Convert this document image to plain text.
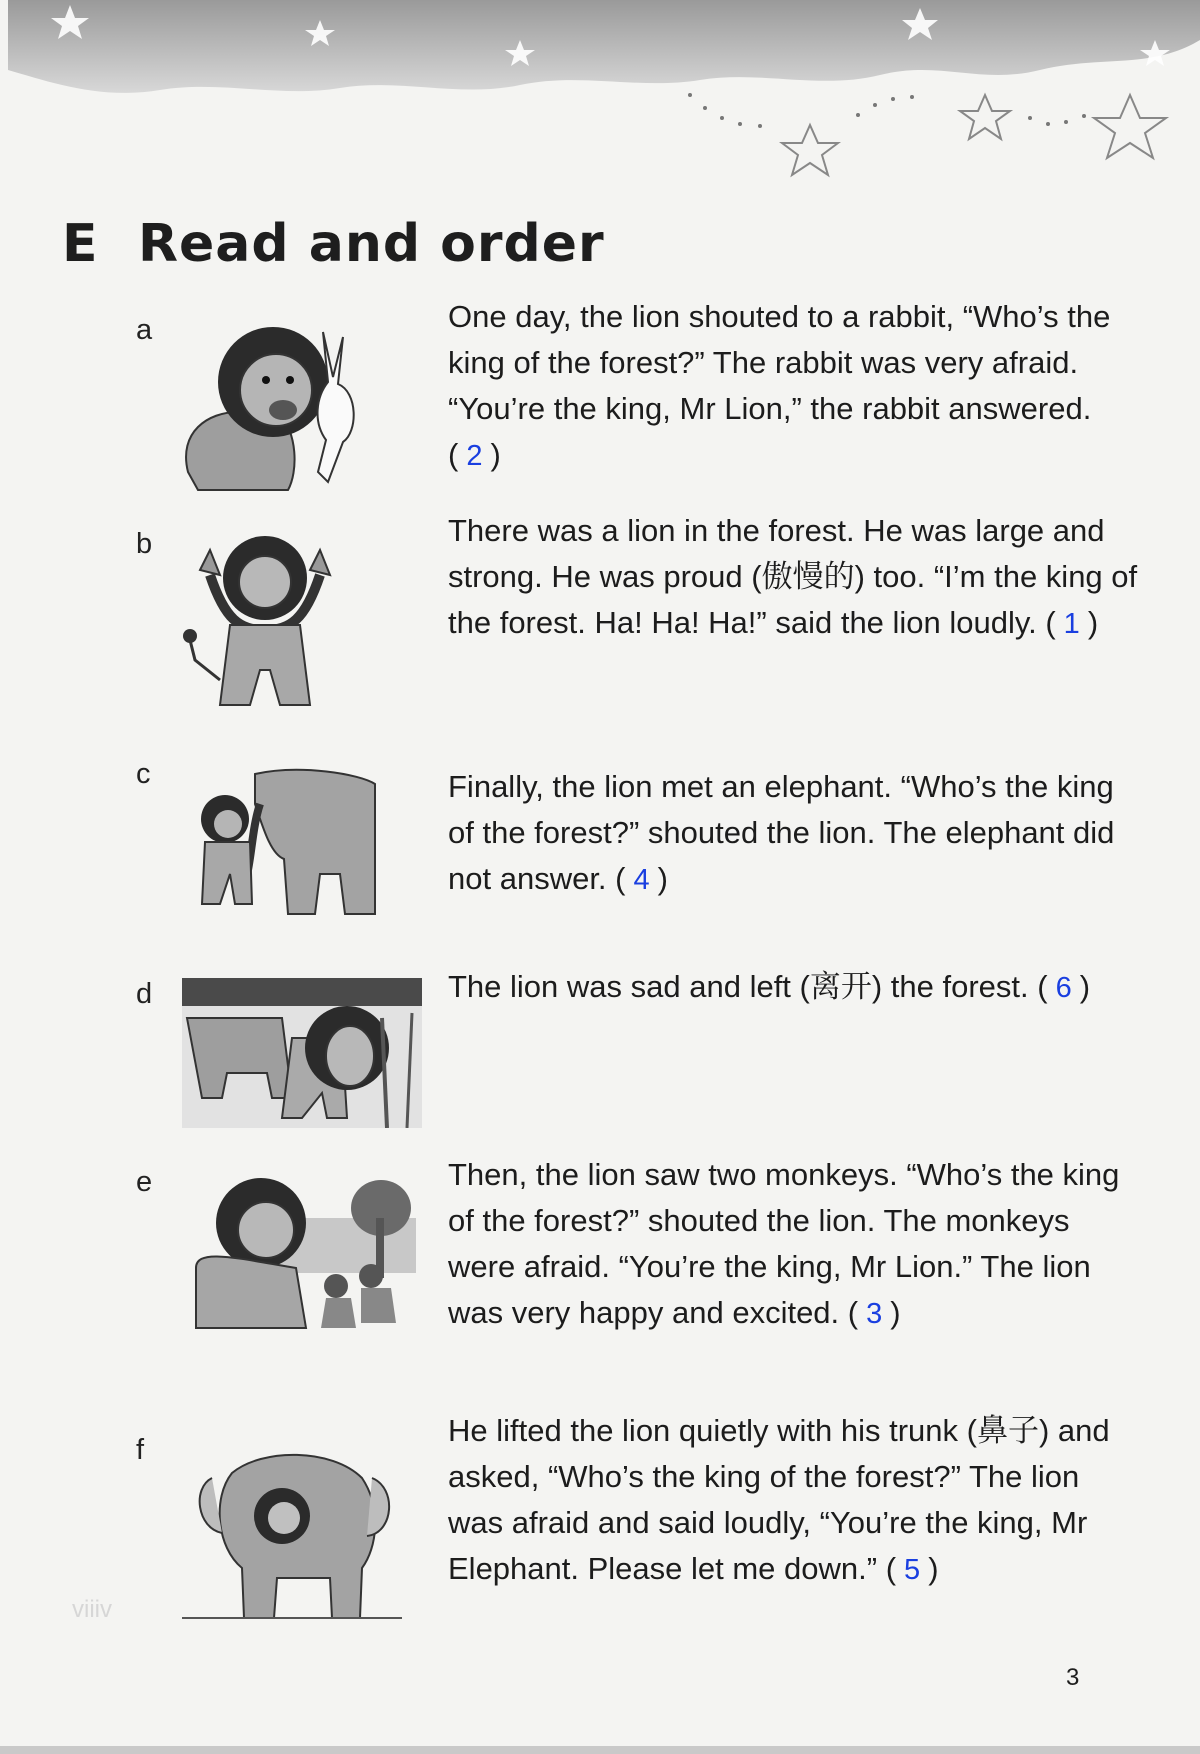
E Read and order
a	One day, the lion shouted to a rabbit, “Who’s the king of the forest?” The rabbit was very afraid. “You’re the king, Mr Lion,” the rabbit answered. ( 2 )
b	There was a lion in the forest. He was large and strong. He was proud (傲慢的) too. “I’m the king of the forest. Ha! Ha! Ha!” said the lion loudly. ( 1 )
c	Finally, the lion met an elephant. “Who’s the king of the forest?” shouted the lion. The elephant did not answer. ( 4 )
d	The lion was sad and left (离开) the forest. ( 6 )
e	Then, the lion saw two monkeys. “Who’s the king of the forest?” shouted the lion. The monkeys were afraid. “You’re the king, Mr Lion.” The lion was very happy and excited. ( 3 )
f
He lifted the lion quietly with his trunk (鼻子) and asked, “Who’s the king of the forest?” The lion was afraid and said loudly, “You’re the king, Mr Elephant. Please let me down.” ( 5 )
viiiv
3
